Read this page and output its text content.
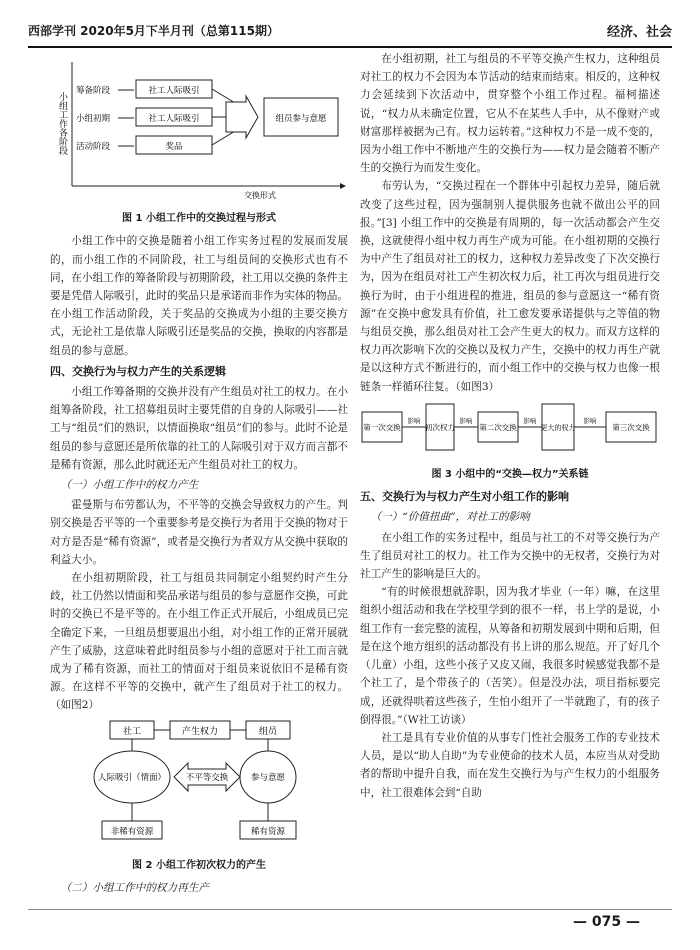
西部学刊 2020年5月下半月刊（总第115期）	经济、社会
小组工作各阶段
筹备阶段
小组初期
活动阶段
社工人际吸引
社工人际吸引
奖品
组员参与意愿
交换形式
图 1 小组工作中的交换过程与形式

小组工作中的交换是随着小组工作实务过程的发展而发展的，而小组工作的不同阶段，社工与组员间的交换形式也有不同，在小组工作的筹备阶段与初期阶段，社工用以交换的条件主要是凭借人际吸引，此时的奖品只是承诺而非作为实体的物品。在小组工作活动阶段，关于奖品的交换成为小组的主要交换方式，无论社工是依靠人际吸引还是奖品的交换，换取的内容都是组员的参与意愿。

四、交换行为与权力产生的关系逻辑

小组工作筹备期的交换并没有产生组员对社工的权力。在小组筹备阶段，社工招募组员时主要凭借的自身的人际吸引——社工与“组员”们的熟识，以情面换取“组员”们的参与。此时不论是组员的参与意愿还是所依靠的社工的人际吸引对于双方而言都不是稀有资源，那么此时就还无产生组员对社工的权力。

（一）小组工作中的权力产生

霍曼斯与布劳都认为，不平等的交换会导致权力的产生。判别交换是否平等的一个重要参考是交换行为者用于交换的物对于对方是否是“稀有资源”，或者是交换行为者双方从交换中获取的利益大小。

在小组初期阶段，社工与组员共同制定小组契约时产生分歧，社工仍然以情面和奖品承诺与组员的参与意愿作交换，可此时的交换已不是平等的。在小组工作正式开展后，小组成员已完全确定下来，一旦组员想要退出小组，对小组工作的正常开展就产生了威胁，这意味着此时组员参与小组的意愿对于社工而言就成为了稀有资源，而社工的情面对于组员来说依旧不是稀有资源。在这样不平等的交换中，就产生了组员对于社工的权力。（如图2）

社工	产生权力	组员
人际吸引（情面）	参与意愿
不平等交换
非稀有资源	稀有资源
图 2 小组工作初次权力的产生
（二）小组工作中的权力再生产

在小组初期，社工与组员的不平等交换产生权力，这种组员对社工的权力不会因为本节活动的结束而结束。相反的，这种权力会延续到下次活动中，贯穿整个小组工作过程。福柯描述说，“权力从未确定位置，它从不在某些人手中，从不像财产或财富那样被据为己有。权力运转着。”这种权力不是一成不变的，因为小组工作中不断地产生的交换行为——权力是会随着不断产生的交换行为而发生变化。

布劳认为，“交换过程在一个群体中引起权力差异，随后就改变了这些过程，因为强制别人提供服务也就不做出公平的回报。”[3] 小组工作中的交换是有周期的，每一次活动都会产生交换，这就使得小组中权力再生产成为可能。在小组初期的交换行为中产生了组员对社工的权力，这种权力差异改变了下次交换行为，因为在组员对社工产生初次权力后，社工再次与组员进行交换行为时，由于小组进程的推进，组员的参与意愿这一“稀有资源”在交换中愈发具有价值，社工愈发要承诺提供与之等值的物与组员交换，那么组员对社工会产生更大的权力。而双方这样的权力再次影响下次的交换以及权力产生，交换中的权力再生产就是以这种方式不断进行的，而小组工作中的交换与权力也像一根链条一样循环往复。（如图3）

第一次交换
影响
初次权力
影响
第二次交换
影响
更大的权力
影响
第三次交换
图 3 小组中的“交换—权力”关系链
五、交换行为与权力产生对小组工作的影响
（一）“价值扭曲”，对社工的影响

在小组工作的实务过程中，组员与社工的不对等交换行为产生了组员对社工的权力。社工作为交换中的无权者，交换行为对社工产生的影响是巨大的。

“有的时候很想就辞职，因为我才毕业（一年）嘛，在这里组织小组活动和我在学校里学到的很不一样，书上学的是说，小组工作有一套完整的流程，从筹备和初期发展到中期和后期，但是在这个地方组织的活动都没有书上讲的那么规范。开了好几个（儿童）小组，这些小孩子又皮又闹，我很多时候感觉我都不是个社工了，是个带孩子的（苦笑）。但是没办法，项目指标要完成，还就得哄着这些孩子，生怕小组开了一半就跑了，有的孩子倒得很。”（W社工访谈）

社工是具有专业价值的从事专门性社会服务工作的专业技术人员，是以“助人自助”为专业使命的技术人员，本应当从对受助者的帮助中提升自我，而在发生交换行为与产生权力的小组服务中，社工很难体会到“自助

— 075 —
